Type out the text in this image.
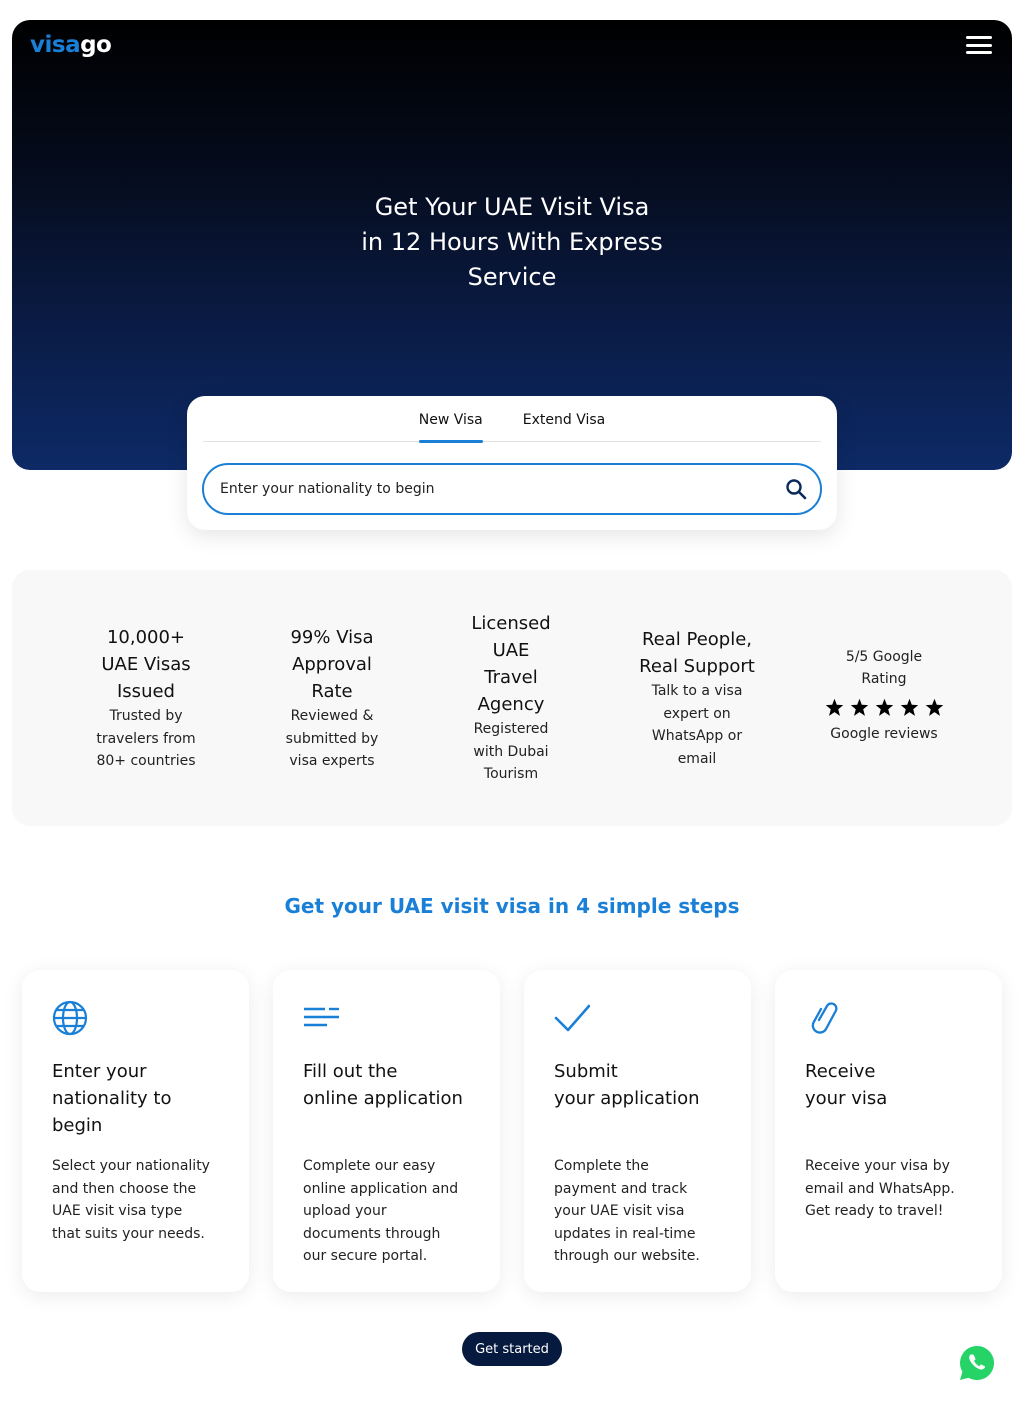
visago
Get Your UAE Visit Visa
in 12 Hours With Express
Service
New Visa	Extend Visa
Enter your nationality to begin
10,000+
UAE Visas
Issued
Trusted by
travelers from
80+ countries
99% Visa
Approval
Rate
Reviewed &
submitted by
visa experts
Licensed
UAE
Travel
Agency
Registered
with Dubai
Tourism
Real People,
Real Support
Talk to a visa
expert on
WhatsApp or
email
5/5 Google
Rating
Google reviews
Get your UAE visit visa in 4 simple steps
Enter your
nationality to
begin
Select your nationality
and then choose the
UAE visit visa type
that suits your needs.
Fill out the
online application
Complete our easy
online application and
upload your
documents through
our secure portal.
Submit
your application
Complete the
payment and track
your UAE visit visa
updates in real-time
through our website.
Receive
your visa
Receive your visa by
email and WhatsApp.
Get ready to travel!
Get started
